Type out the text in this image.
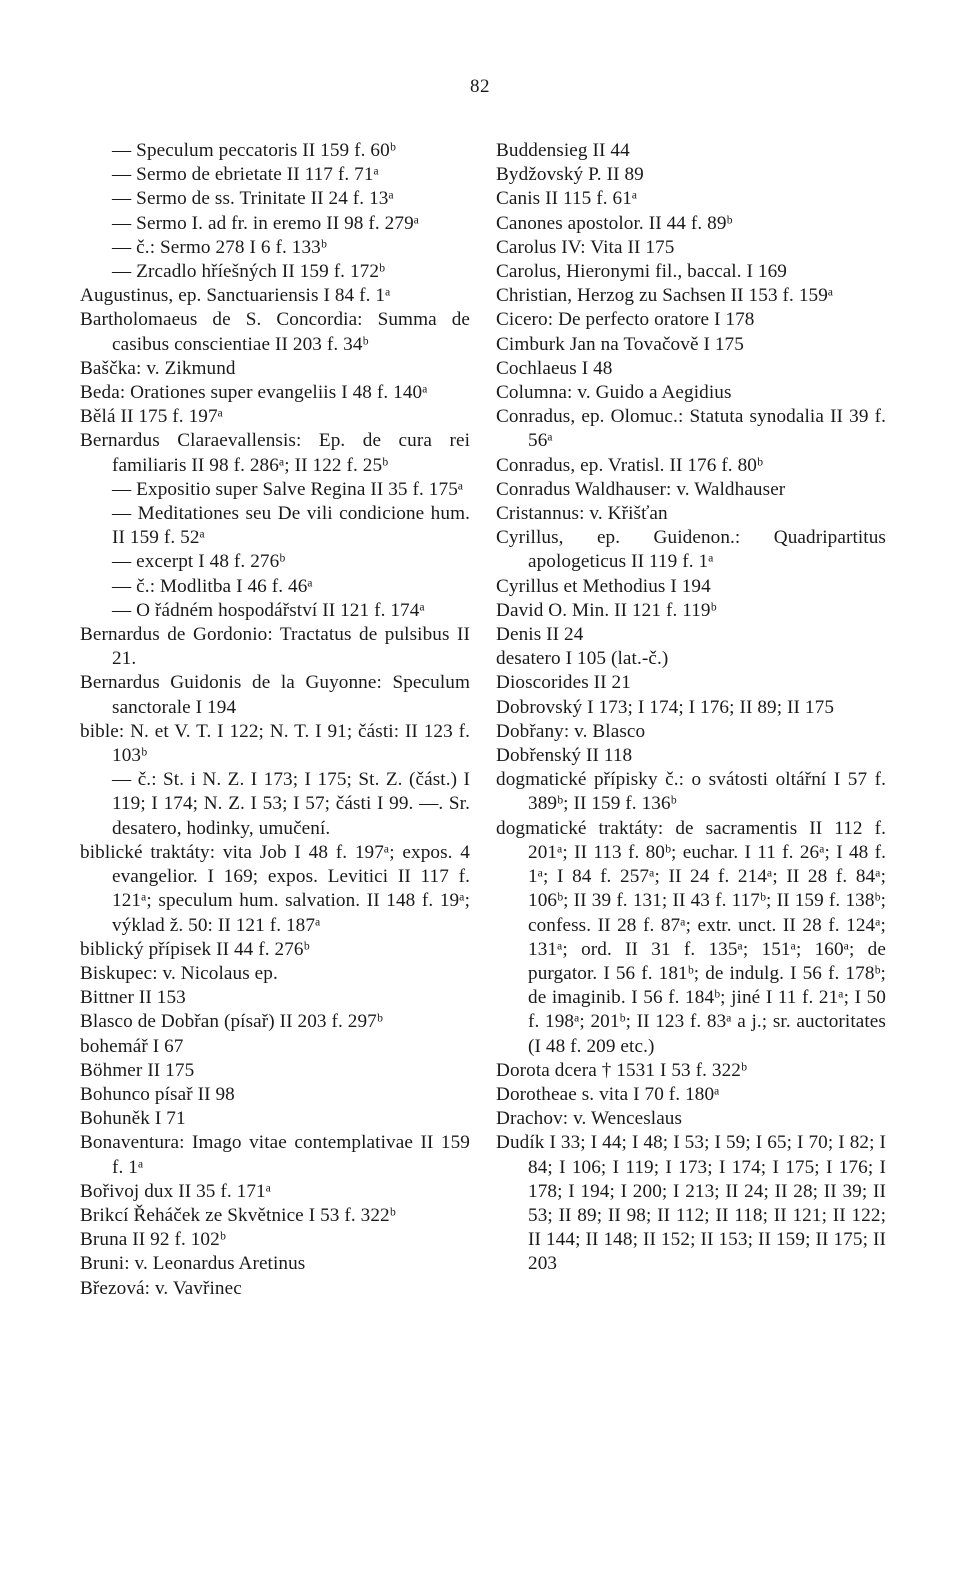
82
— Speculum peccatoris II 159 f. 60ᵇ
— Sermo de ebrietate II 117 f. 71ᵃ
— Sermo de ss. Trinitate II 24 f. 13ᵃ
— Sermo I. ad fr. in eremo II 98 f. 279ᵃ
— č.: Sermo 278 I 6 f. 133ᵇ
— Zrcadlo hříešných II 159 f. 172ᵇ
Augustinus, ep. Sanctuariensis I 84 f. 1ᵃ
Bartholomaeus de S. Concordia: Summa de casibus conscientiae II 203 f. 34ᵇ
Baščka: v. Zikmund
Beda: Orationes super evangeliis I 48 f. 140ᵃ
Bělá II 175 f. 197ᵃ
Bernardus Claraevallensis: Ep. de cura rei familiaris II 98 f. 286ᵃ; II 122 f. 25ᵇ
— Expositio super Salve Regina II 35 f. 175ᵃ
— Meditationes seu De vili condicione hum. II 159 f. 52ᵃ
— excerpt I 48 f. 276ᵇ
— č.: Modlitba I 46 f. 46ᵃ
— O řádném hospodářství II 121 f. 174ᵃ
Bernardus de Gordonio: Tractatus de pulsibus II 21.
Bernardus Guidonis de la Guyonne: Speculum sanctorale I 194
bible: N. et V. T. I 122; N. T. I 91; části: II 123 f. 103ᵇ
— č.: St. i N. Z. I 173; I 175; St. Z. (část.) I 119; I 174; N. Z. I 53; I 57; části I 99. —. Sr. desatero, hodinky, umučení.
biblické traktáty: vita Job I 48 f. 197ᵃ; expos. 4 evangelior. I 169; expos. Levitici II 117 f. 121ᵃ; speculum hum. salvation. II 148 f. 19ᵃ; výklad ž. 50: II 121 f. 187ᵃ
biblický přípisek II 44 f. 276ᵇ
Biskupec: v. Nicolaus ep.
Bittner II 153
Blasco de Dobřan (písař) II 203 f. 297ᵇ
bohemář I 67
Böhmer II 175
Bohunco písař II 98
Bohuněk I 71
Bonaventura: Imago vitae contemplativae II 159 f. 1ᵃ
Bořivoj dux II 35 f. 171ᵃ
Brikcí Řeháček ze Skvětnice I 53 f. 322ᵇ
Bruna II 92 f. 102ᵇ
Bruni: v. Leonardus Aretinus
Březová: v. Vavřinec
Buddensieg II 44
Bydžovský P. II 89
Canis II 115 f. 61ᵃ
Canones apostolor. II 44 f. 89ᵇ
Carolus IV: Vita II 175
Carolus, Hieronymi fil., baccal. I 169
Christian, Herzog zu Sachsen II 153 f. 159ᵃ
Cicero: De perfecto oratore I 178
Cimburk Jan na Tovačově I 175
Cochlaeus I 48
Columna: v. Guido a Aegidius
Conradus, ep. Olomuc.: Statuta synodalia II 39 f. 56ᵃ
Conradus, ep. Vratisl. II 176 f. 80ᵇ
Conradus Waldhauser: v. Waldhauser
Cristannus: v. Křišťan
Cyrillus, ep. Guidenon.: Quadripartitus apologeticus II 119 f. 1ᵃ
Cyrillus et Methodius I 194
David O. Min. II 121 f. 119ᵇ
Denis II 24
desatero I 105 (lat.-č.)
Dioscorides II 21
Dobrovský I 173; I 174; I 176; II 89; II 175
Dobřany: v. Blasco
Dobřenský II 118
dogmatické přípisky č.: o svátosti oltářní I 57 f. 389ᵇ; II 159 f. 136ᵇ
dogmatické traktáty: de sacramentis II 112 f. 201ᵃ; II 113 f. 80ᵇ; euchar. I 11 f. 26ᵃ; I 48 f. 1ᵃ; I 84 f. 257ᵃ; II 24 f. 214ᵃ; II 28 f. 84ᵃ; 106ᵇ; II 39 f. 131; II 43 f. 117ᵇ; II 159 f. 138ᵇ; confess. II 28 f. 87ᵃ; extr. unct. II 28 f. 124ᵃ; 131ᵃ; ord. II 31 f. 135ᵃ; 151ᵃ; 160ᵃ; de purgator. I 56 f. 181ᵇ; de indulg. I 56 f. 178ᵇ; de imaginib. I 56 f. 184ᵇ; jiné I 11 f. 21ᵃ; I 50 f. 198ᵃ; 201ᵇ; II 123 f. 83ᵃ a j.; sr. auctoritates (I 48 f. 209 etc.)
Dorota dcera † 1531 I 53 f. 322ᵇ
Dorotheae s. vita I 70 f. 180ᵃ
Drachov: v. Wenceslaus
Dudík I 33; I 44; I 48; I 53; I 59; I 65; I 70; I 82; I 84; I 106; I 119; I 173; I 174; I 175; I 176; I 178; I 194; I 200; I 213; II 24; II 28; II 39; II 53; II 89; II 98; II 112; II 118; II 121; II 122; II 144; II 148; II 152; II 153; II 159; II 175; II 203
